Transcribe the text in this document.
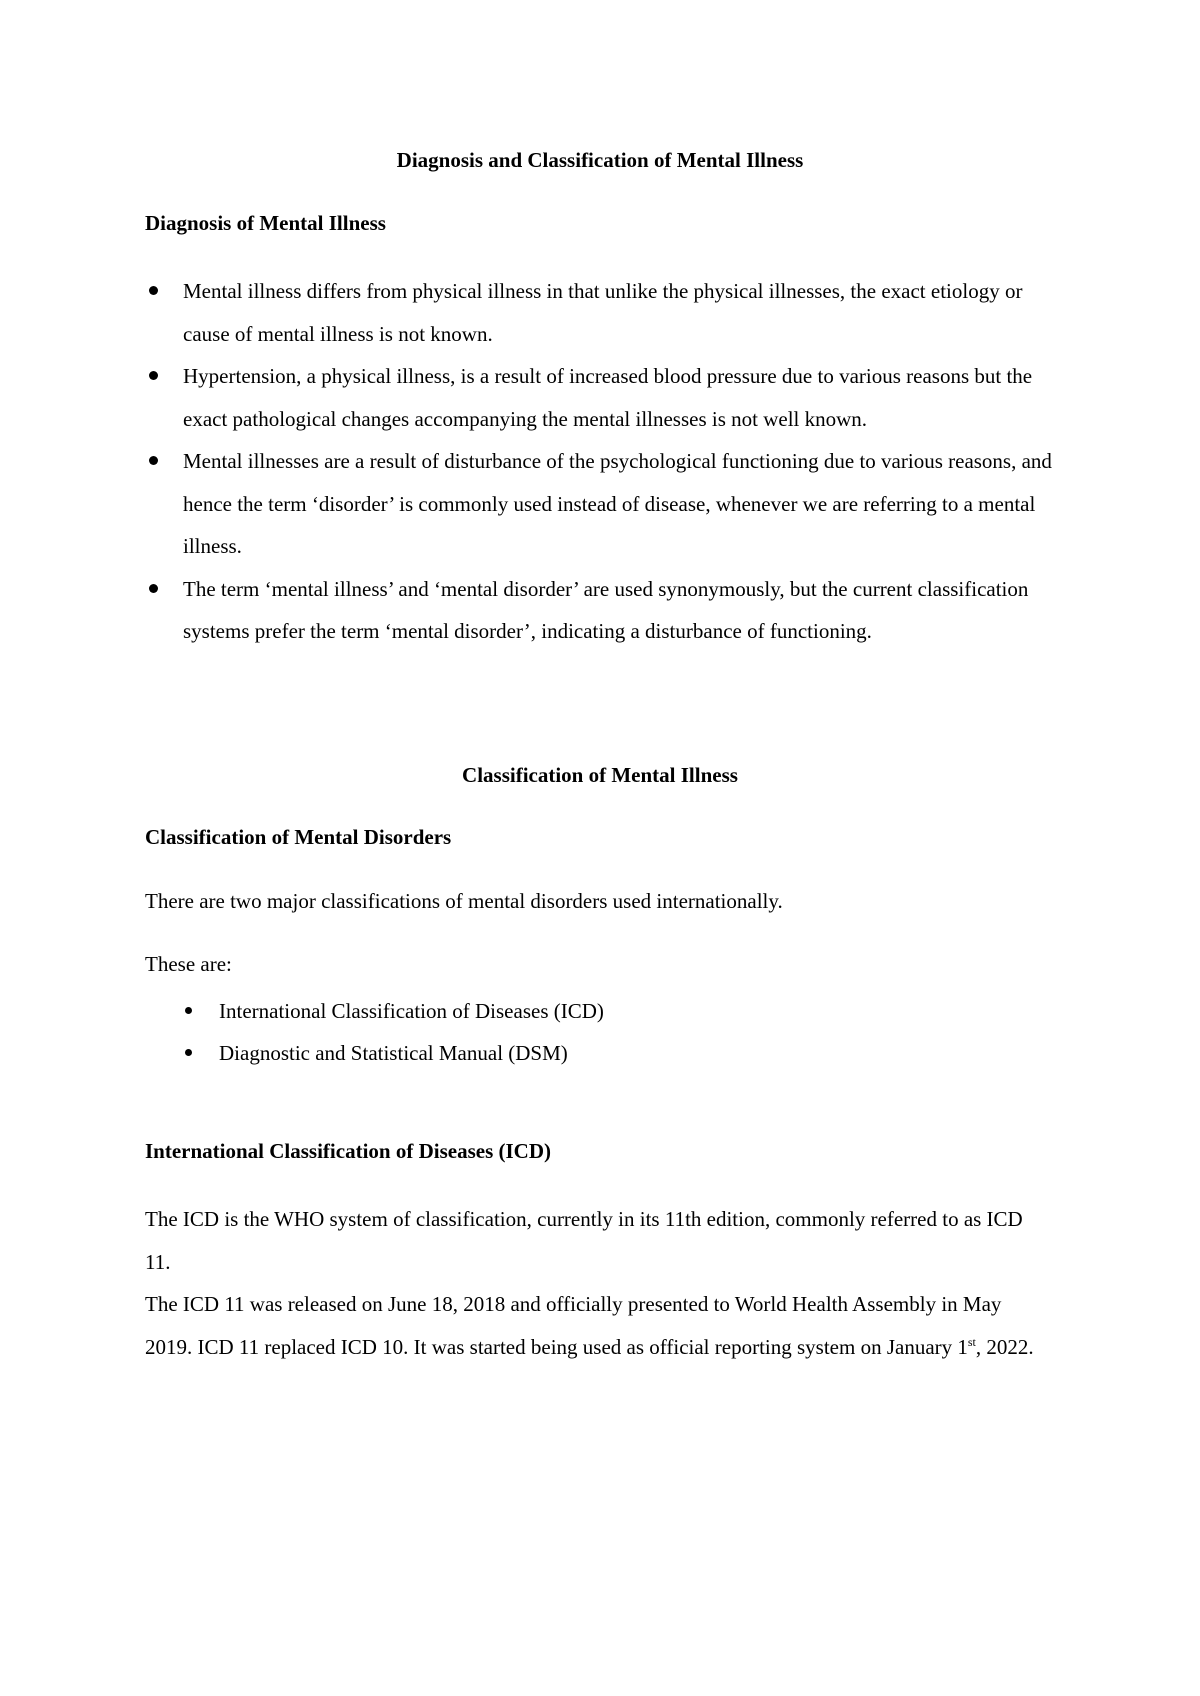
Diagnosis and Classification of Mental Illness
Diagnosis of Mental Illness
Mental illness differs from physical illness in that unlike the physical illnesses, the exact etiology or cause of mental illness is not known.
Hypertension, a physical illness, is a result of increased blood pressure due to various reasons but the exact pathological changes accompanying the mental illnesses is not well known.
Mental illnesses are a result of disturbance of the psychological functioning due to various reasons, and hence the term ‘disorder’ is commonly used instead of disease, whenever we are referring to a mental illness.
The term ‘mental illness’ and ‘mental disorder’ are used synonymously, but the current classification systems prefer the term ‘mental disorder’, indicating a disturbance of functioning.
Classification of Mental Illness
Classification of Mental Disorders

There are two major classifications of mental disorders used internationally.

These are:

International Classification of Diseases (ICD)
Diagnostic and Statistical Manual (DSM)
International Classification of Diseases (ICD)

The ICD is the WHO system of classification, currently in its 11th edition, commonly referred to as ICD 11.

The ICD 11 was released on June 18, 2018 and officially presented to World Health Assembly in May 2019. ICD 11 replaced ICD 10. It was started being used as official reporting system on January 1st, 2022.
